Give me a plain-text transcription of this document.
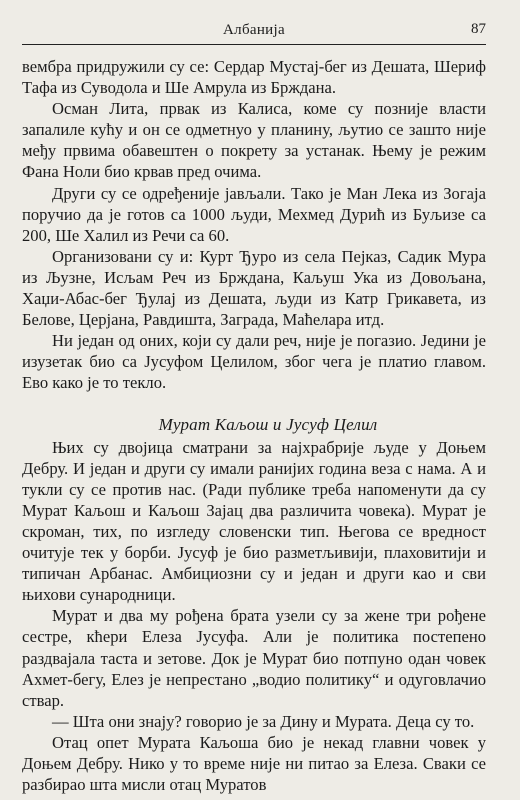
Албанија	87

вембра придружили су се: Сердар Мустај-бег из Дешата, Шериф Тафа из Суводола и Ше Амрула из Брждана.

Осман Лита, првак из Калиса, коме су позније власти запалиле кућу и он се одметнуо у планину, љутио се зашто није међу првима обавештен о покрету за устанак. Њему је режим Фана Ноли био крвав пред очима.

Други су се одређеније јављали. Тако је Ман Лека из Зогаја поручио да је готов са 1000 људи, Мехмед Дурић из Буљизе са 200, Ше Халил из Речи са 60.

Организовани су и: Курт Ђуро из села Пејказ, Садик Мура из Љузне, Исљам Реч из Брждана, Каљуш Ука из Довољана, Хаџи-Абас-бег Ђулај из Дешата, људи из Катр Грикавета, из Белове, Церјана, Равдишта, Заграда, Маћелара итд.

Ни један од оних, који су дали реч, није је погазио. Једини је изузетак био са Јусуфом Целилом, због чега је платио главом. Ево како је то текло.

Мурат Каљош и Јусуф Целил

Њих су двојица сматрани за најхрабрије људе у Доњем Дебру. И један и други су имали ранијих година веза с нама. А и тукли су се против нас. (Ради публике треба напоменути да су Мурат Каљош и Каљош Зајац два различита човека). Мурат је скроман, тих, по изгледу словенски тип. Његова се вредност очитује тек у борби. Јусуф је био разметљивији, плаховитији и типичан Арбанас. Амбициозни су и један и други као и сви њихови сународници.

Мурат и два му рођена брата узели су за жене три рођене сестре, кћери Елеза Јусуфа. Али је политика постепено раздвајала таста и зетове. Док је Мурат био потпуно одан човек Ахмет-бегу, Елез је непрестано „водио политику“ и одуговлачио ствар.

— Шта они знају? говорио је за Дину и Мурата. Деца су то.

Отац опет Мурата Каљоша био је некад главни човек у Доњем Дебру. Нико у то време није ни питао за Елеза. Сваки се разбирао шта мисли отац Муратов
